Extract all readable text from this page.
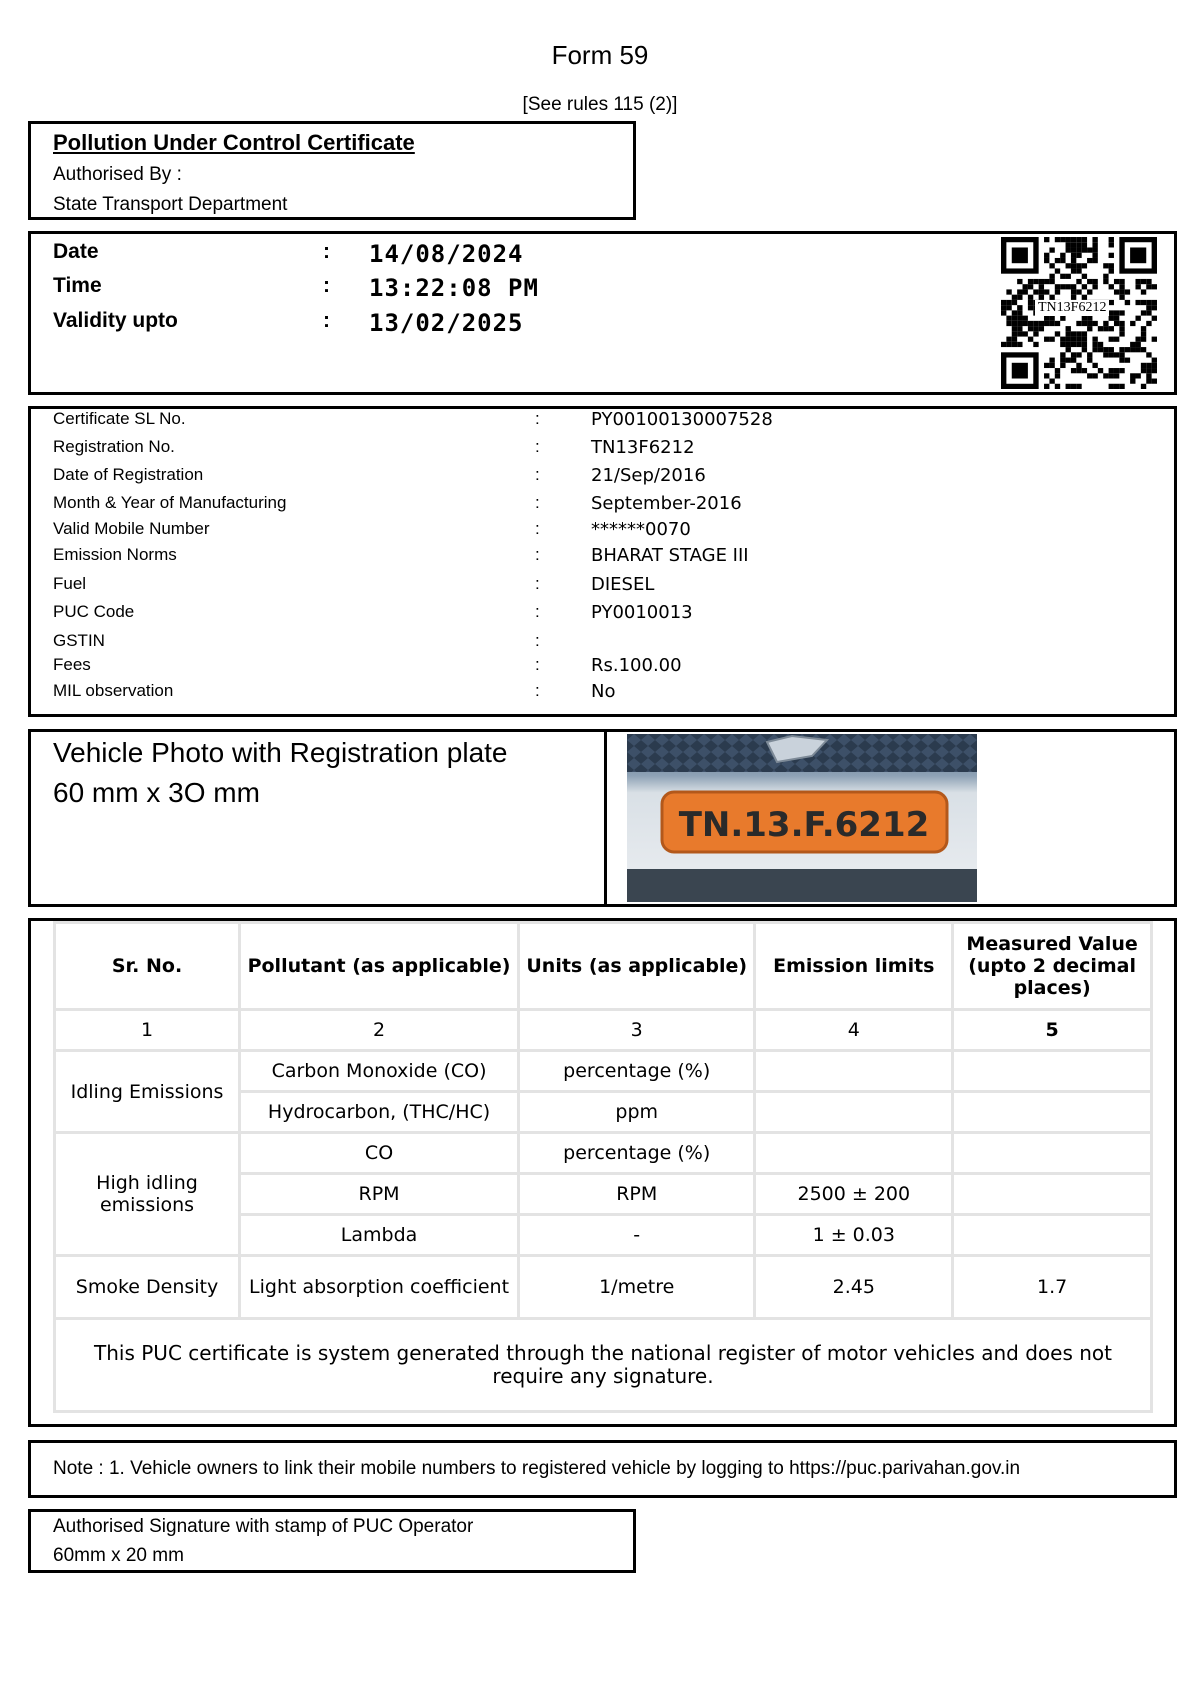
Form 59
[See rules 115 (2)]
Pollution Under Control Certificate
Authorised By :
State Transport Department
Date	: 14/08/2024
Time	: 13:22:08 PM
Validity upto	: 13/02/2025
TN13F6212
Certificate SL No.	:	PY00100130007528
Registration No.	:	TN13F6212
Date of Registration	:	21/Sep/2016
Month & Year of Manufacturing	:	September-2016
Valid Mobile Number	:	******0070
Emission Norms	:	BHARAT STAGE III
Fuel	:	DIESEL
PUC Code	:	PY0010013
GSTIN	:
Fees	:	Rs.100.00
MIL observation	:	No
Vehicle Photo with Registration plate
60 mm x 3O mm
TN.13.F.6212
Sr. No.	Pollutant (as applicable)	Units (as applicable)	Emission limits	Measured Value (upto 2 decimal places)
1	2	3	4	5
Idling Emissions	Carbon Monoxide (CO)	percentage (%)		
	Hydrocarbon, (THC/HC)	ppm		
High idling emissions	CO	percentage (%)		
	RPM	RPM	2500 ± 200	
	Lambda	-	1 ± 0.03	
Smoke Density	Light absorption coefficient	1/metre	2.45	1.7
This PUC certificate is system generated through the national register of motor vehicles and does not require any signature.				
Note : 1. Vehicle owners to link their mobile numbers to registered vehicle by logging to https://puc.parivahan.gov.in
Authorised Signature with stamp of PUC Operator
60mm x 20 mm
